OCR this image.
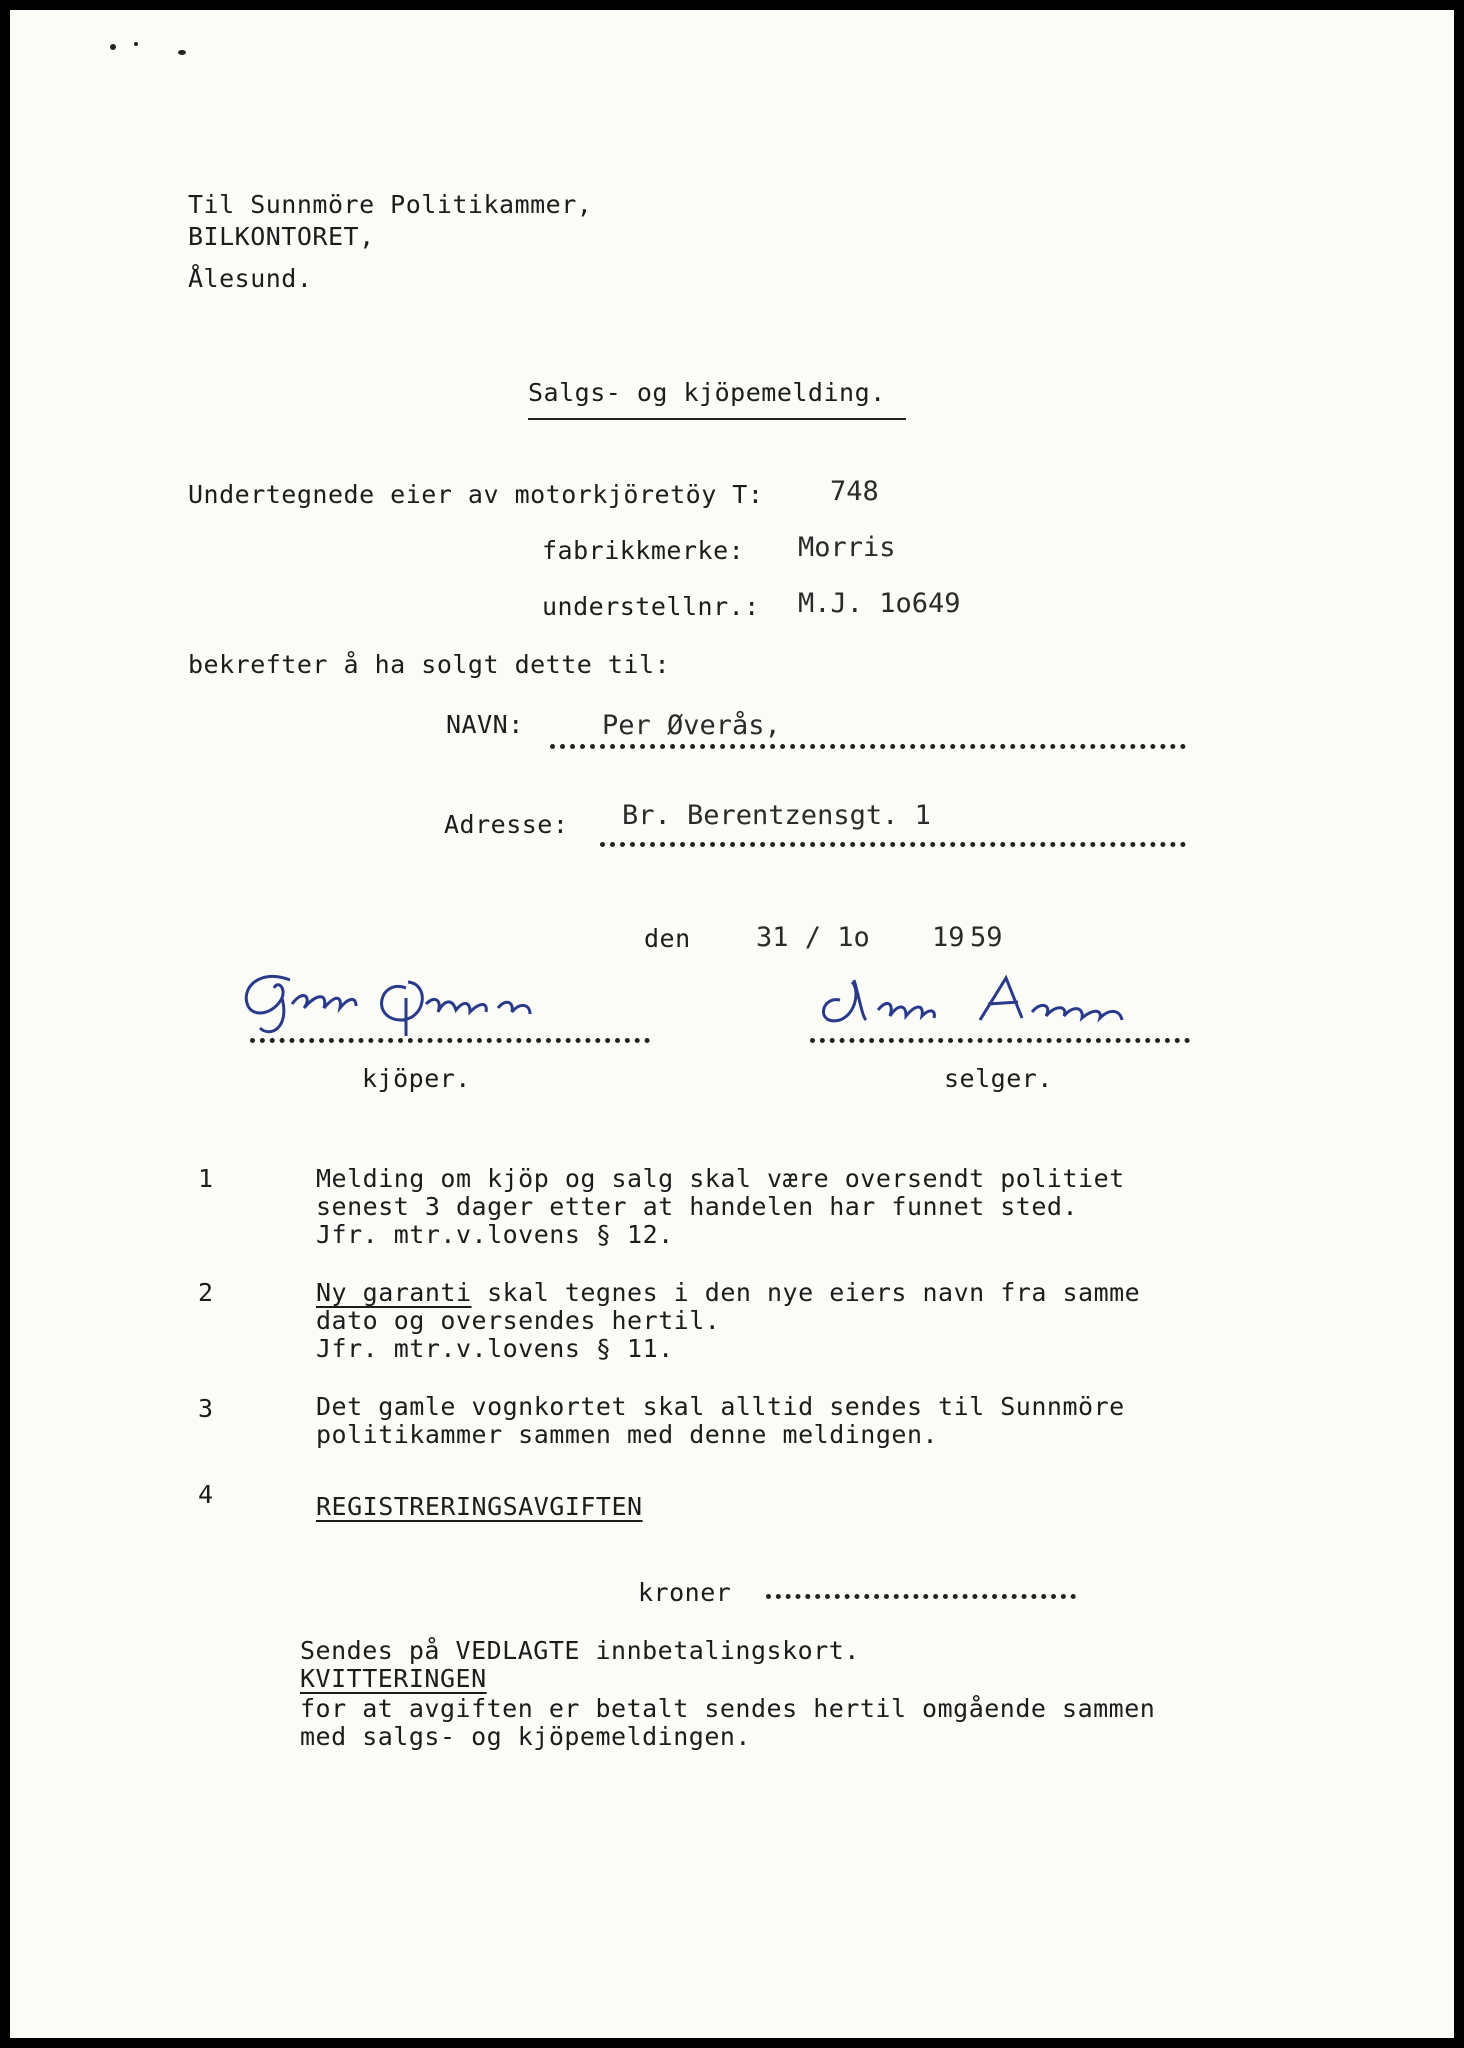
Til Sunnmöre Politikammer,
BILKONTORET,
Ålesund.
Salgs- og kjöpemelding.
Undertegnede eier av motorkjöretöy T: 748
fabrikkmerke: Morris
understellnr.: M.J. 1o649
bekrefter å ha solgt dette til:
NAVN:	Per Øverås,
Adresse: Br. Berentzensgt. 1
den 31 / 1o 19 59
kjöper.	selger.
1	Melding om kjöp og salg skal være oversendt politiet
senest 3 dager etter at handelen har funnet sted.
Jfr. mtr.v.lovens § 12.
2	Ny garanti skal tegnes i den nye eiers navn fra samme
dato og oversendes hertil.
Jfr. mtr.v.lovens § 11.
3	Det gamle vognkortet skal alltid sendes til Sunnmöre
politikammer sammen med denne meldingen.
4	REGISTRERINGSAVGIFTEN
kroner
Sendes på VEDLAGTE innbetalingskort.
KVITTERINGEN
for at avgiften er betalt sendes hertil omgående sammen
med salgs- og kjöpemeldingen.
